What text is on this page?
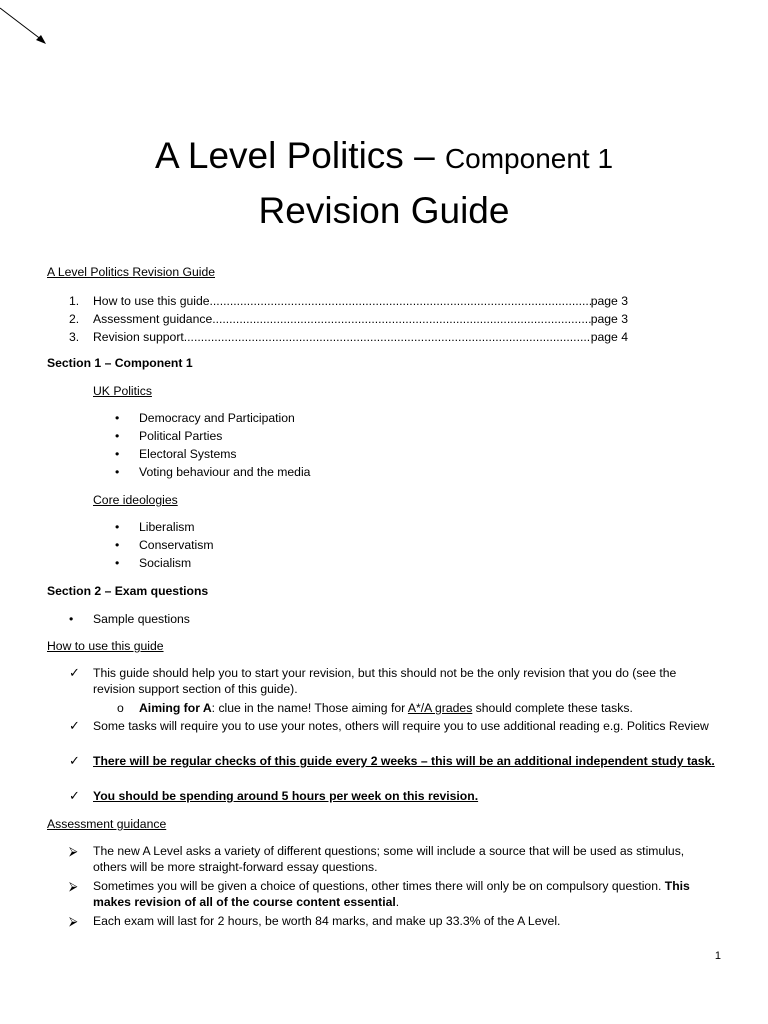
A Level Politics – Component 1
Revision Guide
A Level Politics Revision Guide
1. How to use this guide .....	page 3
2. Assessment guidance .....	page 3
3. Revision support .....	page 4
Section 1 – Component 1
UK Politics
• Democracy and Participation
• Political Parties
• Electoral Systems
• Voting behaviour and the media
Core ideologies
• Liberalism
• Conservatism
• Socialism
Section 2 – Exam questions
• Sample questions
How to use this guide
✓ This guide should help you to start your revision, but this should not be the only revision that you do (see the revision support section of this guide).
o Aiming for A: clue in the name! Those aiming for A*/A grades should complete these tasks.
✓ Some tasks will require you to use your notes, others will require you to use additional reading e.g. Politics Review
✓ There will be regular checks of this guide every 2 weeks – this will be an additional independent study task.
✓ You should be spending around 5 hours per week on this revision.
Assessment guidance
⮚ The new A Level asks a variety of different questions; some will include a source that will be used as stimulus, others will be more straight-forward essay questions.
⮚ Sometimes you will be given a choice of questions, other times there will only be on compulsory question. This makes revision of all of the course content essential.
⮚ Each exam will last for 2 hours, be worth 84 marks, and make up 33.3% of the A Level.
1
